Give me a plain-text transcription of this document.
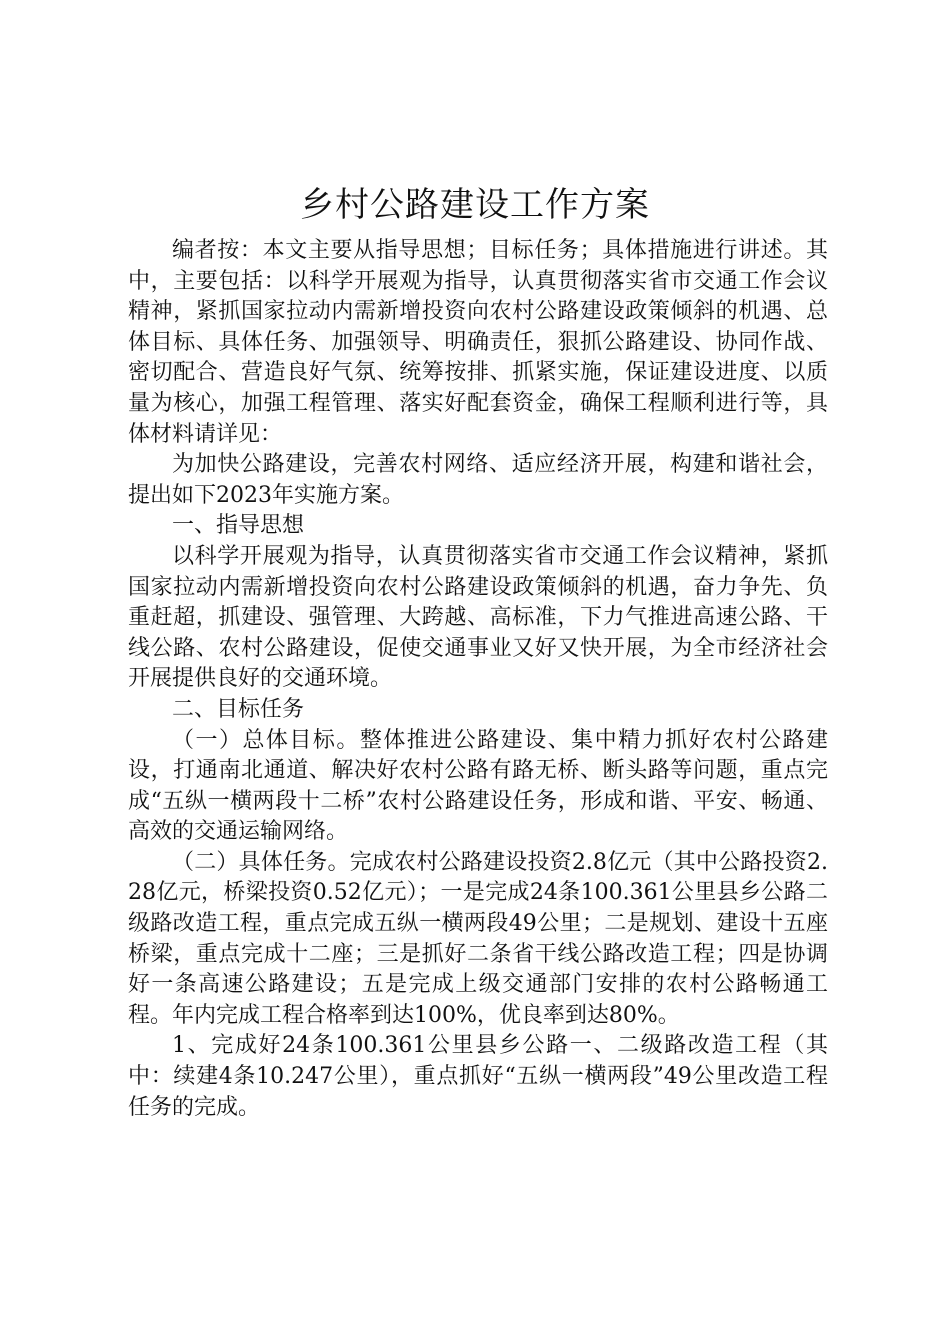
乡村公路建设工作方案

编者按：本文主要从指导思想；目标任务；具体措施进行讲述。其中，主要包括：以科学开展观为指导，认真贯彻落实省市交通工作会议精神，紧抓国家拉动内需新增投资向农村公路建设政策倾斜的机遇、总体目标、具体任务、加强领导、明确责任，狠抓公路建设、协同作战、密切配合、营造良好气氛、统筹按排、抓紧实施，保证建设进度、以质量为核心，加强工程管理、落实好配套资金，确保工程顺利进行等，具体材料请详见：

为加快公路建设，完善农村网络、适应经济开展，构建和谐社会，提出如下2023年实施方案。

一、指导思想

以科学开展观为指导，认真贯彻落实省市交通工作会议精神，紧抓国家拉动内需新增投资向农村公路建设政策倾斜的机遇，奋力争先、负重赶超，抓建设、强管理、大跨越、高标准，下力气推进高速公路、干线公路、农村公路建设，促使交通事业又好又快开展，为全市经济社会开展提供良好的交通环境。

二、目标任务

（一）总体目标。整体推进公路建设、集中精力抓好农村公路建设，打通南北通道、解决好农村公路有路无桥、断头路等问题，重点完成“五纵一横两段十二桥”农村公路建设任务，形成和谐、平安、畅通、高效的交通运输网络。

（二）具体任务。完成农村公路建设投资2.8亿元（其中公路投资2.28亿元，桥梁投资0.52亿元）；一是完成24条100.361公里县乡公路二级路改造工程，重点完成五纵一横两段49公里；二是规划、建设十五座桥梁，重点完成十二座；三是抓好二条省干线公路改造工程；四是协调好一条高速公路建设；五是完成上级交通部门安排的农村公路畅通工程。年内完成工程合格率到达100%，优良率到达80%。

1、完成好24条100.361公里县乡公路一、二级路改造工程（其中：续建4条10.247公里），重点抓好“五纵一横两段”49公里改造工程任务的完成。
